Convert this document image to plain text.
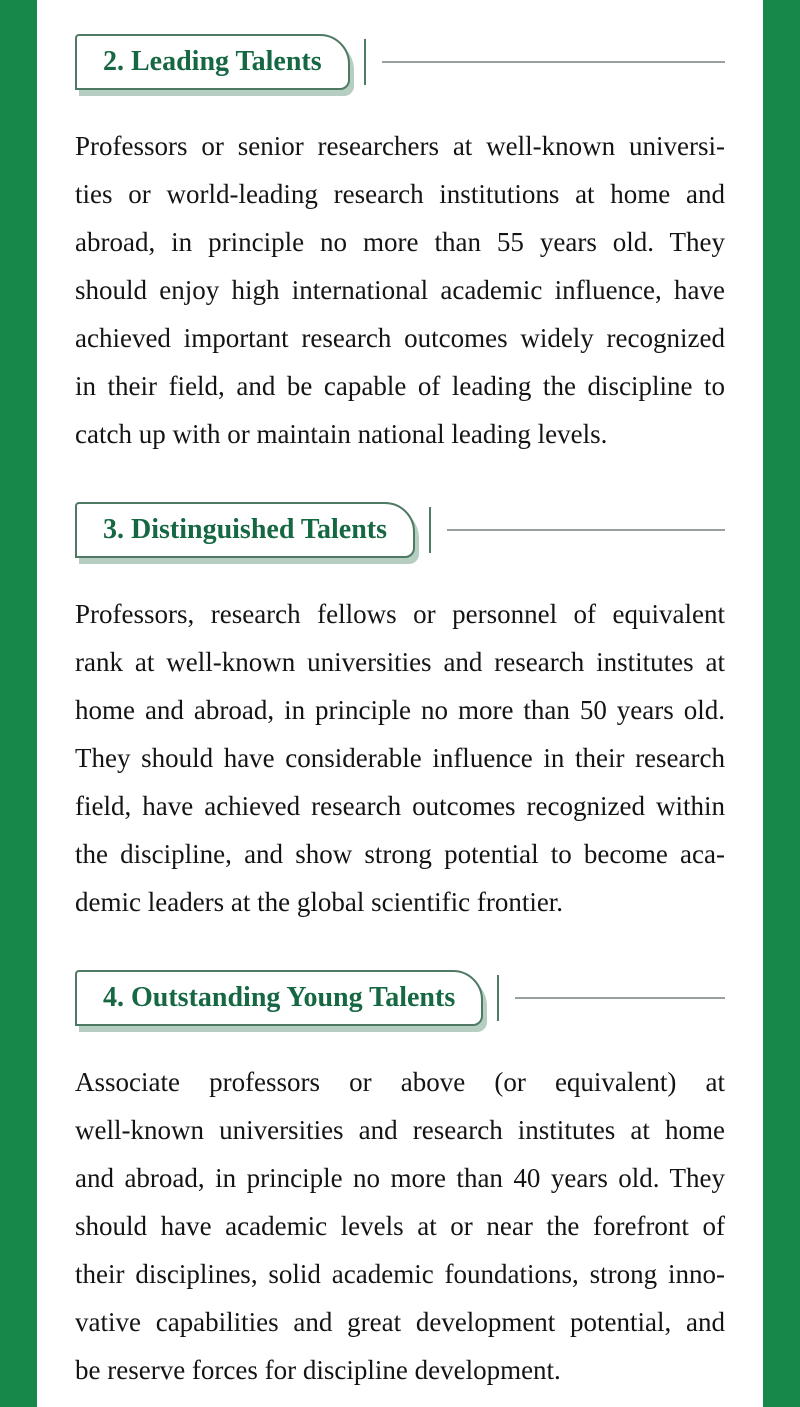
2. Leading Talents
Professors or senior researchers at well-known universi-
ties or world-leading research institutions at home and
abroad, in principle no more than 55 years old. They
should enjoy high international academic influence, have
achieved important research outcomes widely recognized
in their field, and be capable of leading the discipline to
catch up with or maintain national leading levels.
3. Distinguished Talents
Professors, research fellows or personnel of equivalent
rank at well-known universities and research institutes at
home and abroad, in principle no more than 50 years old.
They should have considerable influence in their research
field, have achieved research outcomes recognized within
the discipline, and show strong potential to become aca-
demic leaders at the global scientific frontier.
4. Outstanding Young Talents
Associate professors or above (or equivalent) at
well-known universities and research institutes at home
and abroad, in principle no more than 40 years old. They
should have academic levels at or near the forefront of
their disciplines, solid academic foundations, strong inno-
vative capabilities and great development potential, and
be reserve forces for discipline development.
